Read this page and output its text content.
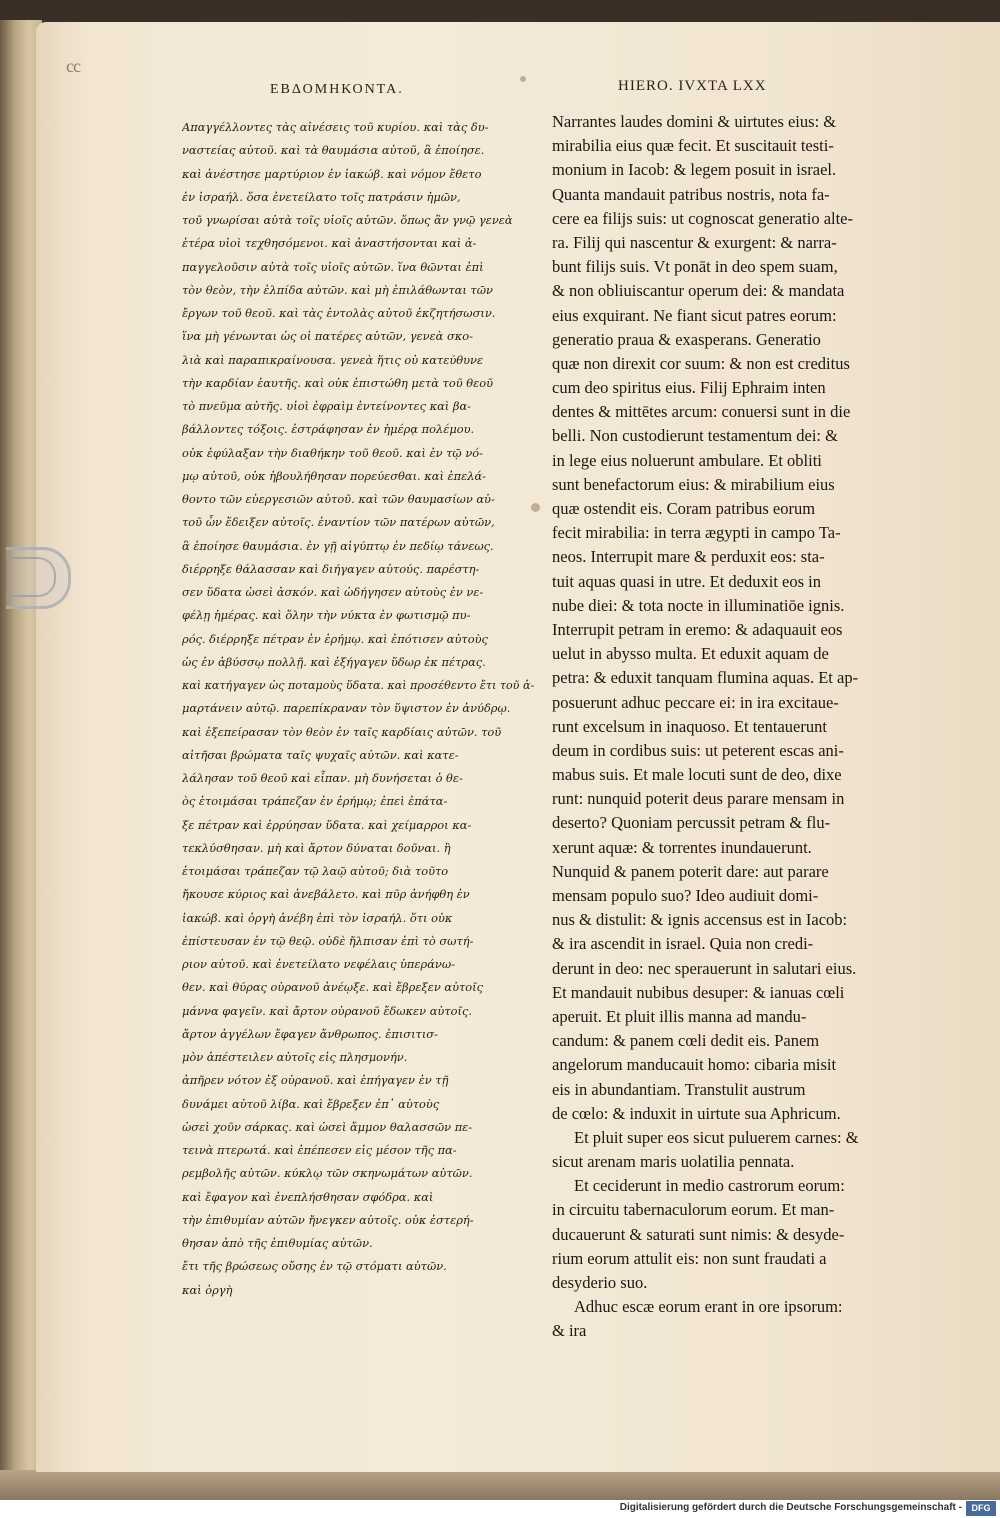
cc
ΕΒΔΟΜΗΚΟΝΤΑ.	HIERO. IVXTA LXX
Απαγγέλλοντες τὰς αἰνέσεις τοῦ κυρίου. καὶ τὰς δυ-
ναστείας αὐτοῦ. καὶ τὰ θαυμάσια αὐτοῦ, ἃ ἐποίησε.
καὶ ἀνέστησε μαρτύριον ἐν ἰακώβ. καὶ νόμον ἔθετο
ἐν ἰσραήλ. ὅσα ἐνετείλατο τοῖς πατράσιν ἡμῶν,
τοῦ γνωρίσαι αὐτὰ τοῖς υἱοῖς αὐτῶν. ὅπως ἂν γνῷ γενεὰ
ἑτέρα υἱοὶ τεχθησόμενοι. καὶ ἀναστήσονται καὶ ἀ-
παγγελοῦσιν αὐτὰ τοῖς υἱοῖς αὐτῶν. ἵνα θῶνται ἐπὶ
τὸν θεὸν, τὴν ἐλπίδα αὐτῶν. καὶ μὴ ἐπιλάθωνται τῶν
ἔργων τοῦ θεοῦ. καὶ τὰς ἐντολὰς αὐτοῦ ἐκζητήσωσιν.
ἵνα μὴ γένωνται ὡς οἱ πατέρες αὐτῶν, γενεὰ σκο-
λιὰ καὶ παραπικραίνουσα. γενεὰ ἥτις οὐ κατεύθυνε
τὴν καρδίαν ἑαυτῆς. καὶ οὐκ ἐπιστώθη μετὰ τοῦ θεοῦ
τὸ πνεῦμα αὐτῆς. υἱοὶ ἐφραὶμ ἐντείνοντες καὶ βα-
βάλλοντες τόξοις. ἐστράφησαν ἐν ἡμέρᾳ πολέμου.
οὐκ ἐφύλαξαν τὴν διαθήκην τοῦ θεοῦ. καὶ ἐν τῷ νό-
μῳ αὐτοῦ, οὐκ ἠβουλήθησαν πορεύεσθαι. καὶ ἐπελά-
θοντο τῶν εὐεργεσιῶν αὐτοῦ. καὶ τῶν θαυμασίων αὐ-
τοῦ ὧν ἔδειξεν αὐτοῖς. ἐναντίον τῶν πατέρων αὐτῶν,
ἃ ἐποίησε θαυμάσια. ἐν γῇ αἰγύπτῳ ἐν πεδίῳ τάνεως.
διέρρηξε θάλασσαν καὶ διήγαγεν αὐτούς. παρέστη-
σεν ὕδατα ὡσεὶ ἀσκόν. καὶ ὡδήγησεν αὐτοὺς ἐν νε-
φέλῃ ἡμέρας. καὶ ὅλην τὴν νύκτα ἐν φωτισμῷ πυ-
ρός. διέρρηξε πέτραν ἐν ἐρήμῳ. καὶ ἐπότισεν αὐτοὺς
ὡς ἐν ἀβύσσῳ πολλῇ. καὶ ἐξήγαγεν ὕδωρ ἐκ πέτρας.
καὶ κατήγαγεν ὡς ποταμοὺς ὕδατα. καὶ προσέθεντο ἔτι τοῦ ἁ-
μαρτάνειν αὐτῷ. παρεπίκραναν τὸν ὕψιστον ἐν ἀνύδρῳ.
καὶ ἐξεπείρασαν τὸν θεὸν ἐν ταῖς καρδίαις αὐτῶν. τοῦ
αἰτῆσαι βρώματα ταῖς ψυχαῖς αὐτῶν. καὶ κατε-
λάλησαν τοῦ θεοῦ καὶ εἶπαν. μὴ δυνήσεται ὁ θε-
ὸς ἑτοιμάσαι τράπεζαν ἐν ἐρήμῳ; ἐπεὶ ἐπάτα-
ξε πέτραν καὶ ἐρρύησαν ὕδατα. καὶ χείμαρροι κα-
τεκλύσθησαν. μὴ καὶ ἄρτον δύναται δοῦναι. ἢ
ἑτοιμάσαι τράπεζαν τῷ λαῷ αὐτοῦ; διὰ τοῦτο
ἤκουσε κύριος καὶ ἀνεβάλετο. καὶ πῦρ ἀνήφθη ἐν
ἰακώβ. καὶ ὀργὴ ἀνέβη ἐπὶ τὸν ἰσραήλ. ὅτι οὐκ
ἐπίστευσαν ἐν τῷ θεῷ. οὐδὲ ἤλπισαν ἐπὶ τὸ σωτή-
ριον αὐτοῦ. καὶ ἐνετείλατο νεφέλαις ὑπεράνω-
θεν. καὶ θύρας οὐρανοῦ ἀνέῳξε. καὶ ἔβρεξεν αὐτοῖς
μάννα φαγεῖν. καὶ ἄρτον οὐρανοῦ ἔδωκεν αὐτοῖς.
ἄρτον ἀγγέλων ἔφαγεν ἄνθρωπος. ἐπισιτισ-
μὸν ἀπέστειλεν αὐτοῖς εἰς πλησμονήν.
ἀπῆρεν νότον ἐξ οὐρανοῦ. καὶ ἐπήγαγεν ἐν τῇ
δυνάμει αὐτοῦ λίβα. καὶ ἔβρεξεν ἐπ᾽ αὐτοὺς
ὡσεὶ χοῦν σάρκας. καὶ ὡσεὶ ἄμμον θαλασσῶν πε-
τεινὰ πτερωτά. καὶ ἐπέπεσεν εἰς μέσον τῆς πα-
ρεμβολῆς αὐτῶν. κύκλῳ τῶν σκηνωμάτων αὐτῶν.
καὶ ἔφαγον καὶ ἐνεπλήσθησαν σφόδρα. καὶ
τὴν ἐπιθυμίαν αὐτῶν ἤνεγκεν αὐτοῖς. οὐκ ἐστερή-
θησαν ἀπὸ τῆς ἐπιθυμίας αὐτῶν.
ἔτι τῆς βρώσεως οὔσης ἐν τῷ στόματι αὐτῶν.
καὶ ὀργὴ
Narrantes laudes domini & uirtutes eius: &
mirabilia eius quæ fecit. Et suscitauit testi-
monium in Iacob: & legem posuit in israel.
Quanta mandauit patribus nostris, nota fa-
cere ea filijs suis: ut cognoscat generatio alte-
ra. Filij qui nascentur & exurgent: & narra-
bunt filijs suis. Vt ponāt in deo spem suam,
& non obliuiscantur operum dei: & mandata
eius exquirant. Ne fiant sicut patres eorum:
generatio praua & exasperans. Generatio
quæ non direxit cor suum: & non est creditus
cum deo spiritus eius. Filij Ephraim inten
dentes & mittētes arcum: conuersi sunt in die
belli. Non custodierunt testamentum dei: &
in lege eius noluerunt ambulare. Et obliti
sunt benefactorum eius: & mirabilium eius
quæ ostendit eis. Coram patribus eorum
fecit mirabilia: in terra ægypti in campo Ta-
neos. Interrupit mare & perduxit eos: sta-
tuit aquas quasi in utre. Et deduxit eos in
nube diei: & tota nocte in illuminatiōe ignis.
Interrupit petram in eremo: & adaquauit eos
uelut in abysso multa. Et eduxit aquam de
petra: & eduxit tanquam flumina aquas. Et ap-
posuerunt adhuc peccare ei: in ira excitaue-
runt excelsum in inaquoso. Et tentauerunt
deum in cordibus suis: ut peterent escas ani-
mabus suis. Et male locuti sunt de deo, dixe
runt: nunquid poterit deus parare mensam in
deserto? Quoniam percussit petram & flu-
xerunt aquæ: & torrentes inundauerunt.
Nunquid & panem poterit dare: aut parare
mensam populo suo? Ideo audiuit domi-
nus & distulit: & ignis accensus est in Iacob:
& ira ascendit in israel. Quia non credi-
derunt in deo: nec sperauerunt in salutari eius.
Et mandauit nubibus desuper: & ianuas cœli
aperuit. Et pluit illis manna ad mandu-
candum: & panem cœli dedit eis. Panem
angelorum manducauit homo: cibaria misit
eis in abundantiam. Transtulit austrum
de cœlo: & induxit in uirtute sua Aphricum.
Et pluit super eos sicut puluerem carnes: &
sicut arenam maris uolatilia pennata.
Et ceciderunt in medio castrorum eorum:
in circuitu tabernaculorum eorum. Et man-
ducauerunt & saturati sunt nimis: & desyde-
rium eorum attulit eis: non sunt fraudati a
desyderio suo.
Adhuc escæ eorum erant in ore ipsorum:
& ira
Digitalisierung gefördert durch die Deutsche Forschungsgemeinschaft -	DFG
